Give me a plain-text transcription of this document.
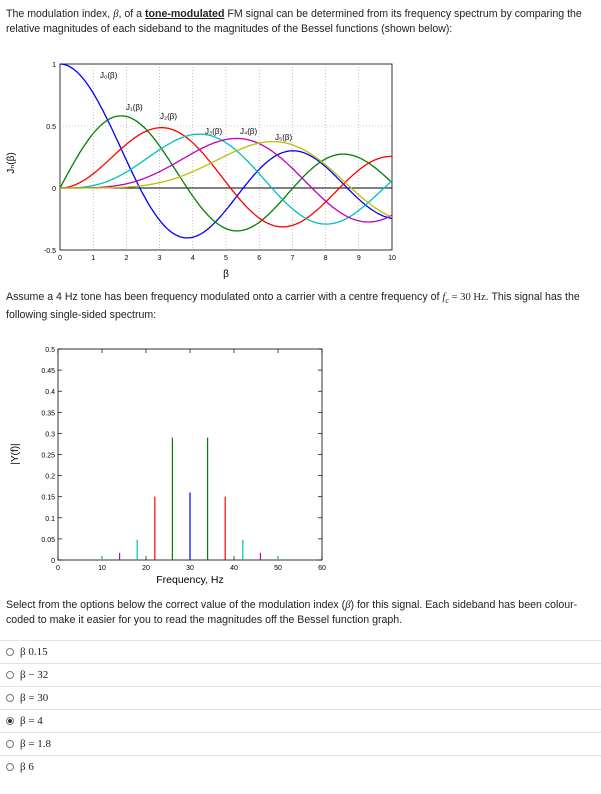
The modulation index, β, of a tone-modulated FM signal can be determined from its frequency spectrum by comparing the relative magnitudes of each sideband to the magnitudes of the Bessel functions (shown below):
1
0.5
0
-0.5
0	1	2	3	4	5	6	7	8	9	10
J₀(β)
J₁(β)
J₂(β)
J₃(β) J₄(β)
J₅(β)
Jₙ(β)
β
Assume a 4 Hz tone has been frequency modulated onto a carrier with a centre frequency of $f_c = 30$ Hz. This signal has the following single-sided spectrum:
0
0.05
0.1
0.15
0.2
0.25
0.3
0.35
0.4
0.45
0.5
0	10	20	30	40	50	60
|Y(f)|
Frequency, Hz
Select from the options below the correct value of the modulation index (β) for this signal. Each sideband has been colour-coded to make it easier for you to read the magnitudes off the Bessel function graph.
β 0.15
β − 32
β = 30
β = 4
β = 1.8
β 6
